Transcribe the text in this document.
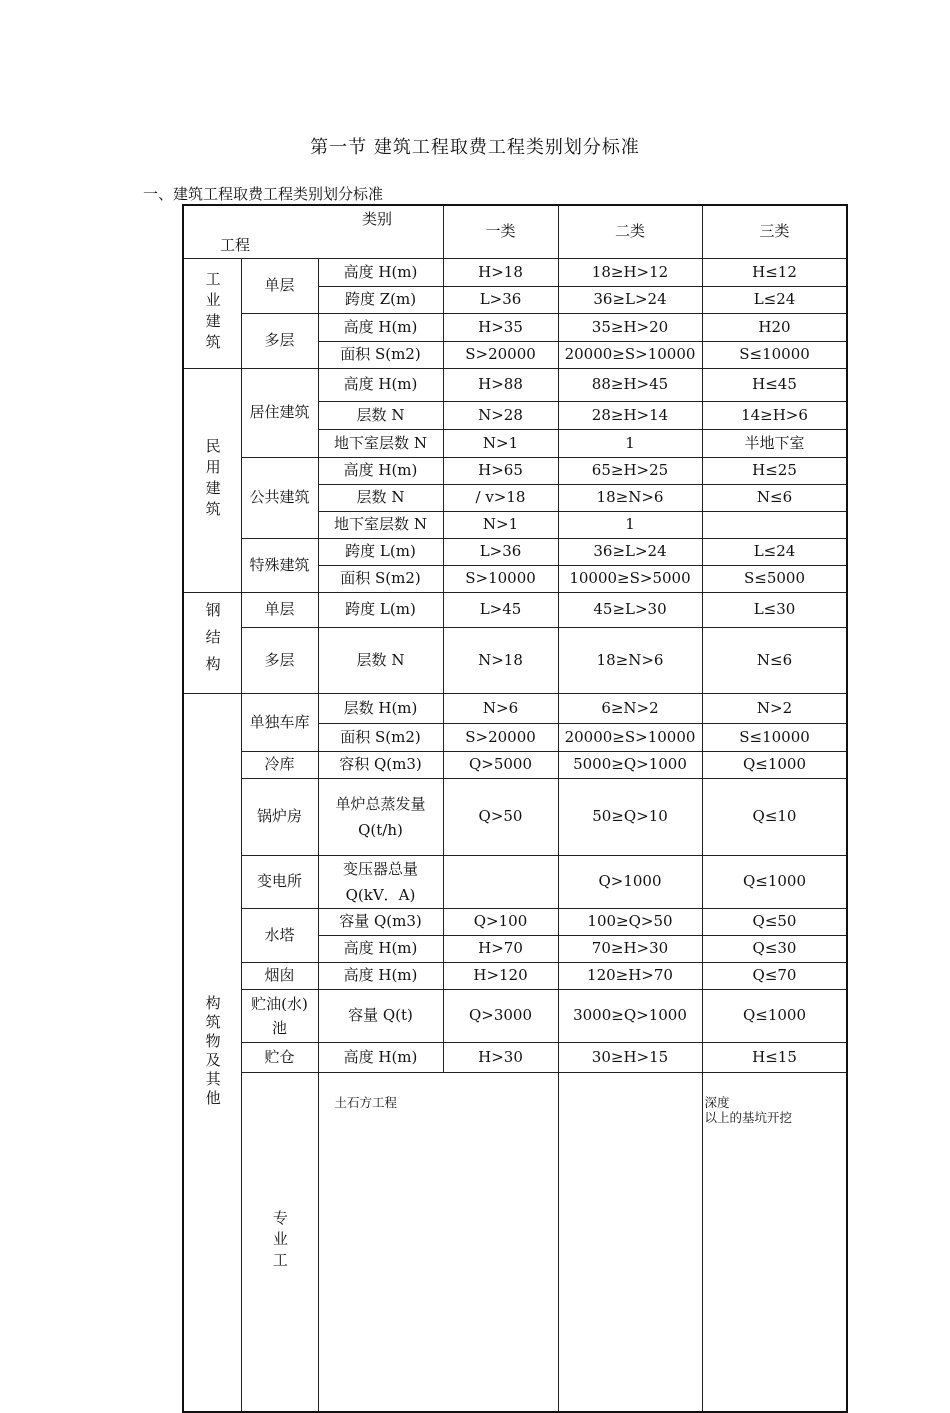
第一节 建筑工程取费工程类别划分标准
一、建筑工程取费工程类别划分标准
类别
工程			一类	二类	三类	
工业建筑	单层	高度 H(m)	H>18	18≥H>12	H≤12	
		跨度 Z(m)	L>36	36≥L>24	L≤24	
	多层	高度 H(m)	H>35	35≥H>20	H20	
		面积 S(m2)	S>20000	20000≥S>10000	S≤10000	
民用建筑	居住建筑	高度 H(m)	H>88	88≥H>45	H≤45	
		层数 N	N>28	28≥H>14	14≥H>6	
		地下室层数 N	N>1	1	半地下室	
	公共建筑	高度 H(m)	H>65	65≥H>25	H≤25	
		层数 N	/ v>18	18≥N>6	N≤6	
		地下室层数 N	N>1	1		
	特殊建筑	跨度 L(m)	L>36	36≥L>24	L≤24	
		面积 S(m2)	S>10000	10000≥S>5000	S≤5000	
钢结构	单层	跨度 L(m)	L>45	45≥L>30	L≤30	
	多层	层数 N	N>18	18≥N>6	N≤6	
构筑物及其他	单独车库	层数 H(m)	N>6	6≥N>2	N>2	
		面积 S(m2)	S>20000	20000≥S>10000	S≤10000	
	冷库	容积 Q(m3)	Q>5000	5000≥Q>1000	Q≤1000	
	锅炉房	单炉总蒸发量Q(t/h)	Q>50	50≥Q>10	Q≤10	
	变电所	变压器总量Q(kV．A)		Q>1000	Q≤1000	
	水塔	容量 Q(m3)	Q>100	100≥Q>50	Q≤50	
		高度 H(m)	H>70	70≥H>30	Q≤30	
	烟囱	高度 H(m)	H>120	120≥H>70	Q≤70	
	贮油(水)池	容量 Q(t)	Q>3000	3000≥Q>1000	Q≤1000	
	贮仓	高度 H(m)	H>30	30≥H>15	H≤15	
	专业工	土石方工程			深度
以上的基坑开挖
